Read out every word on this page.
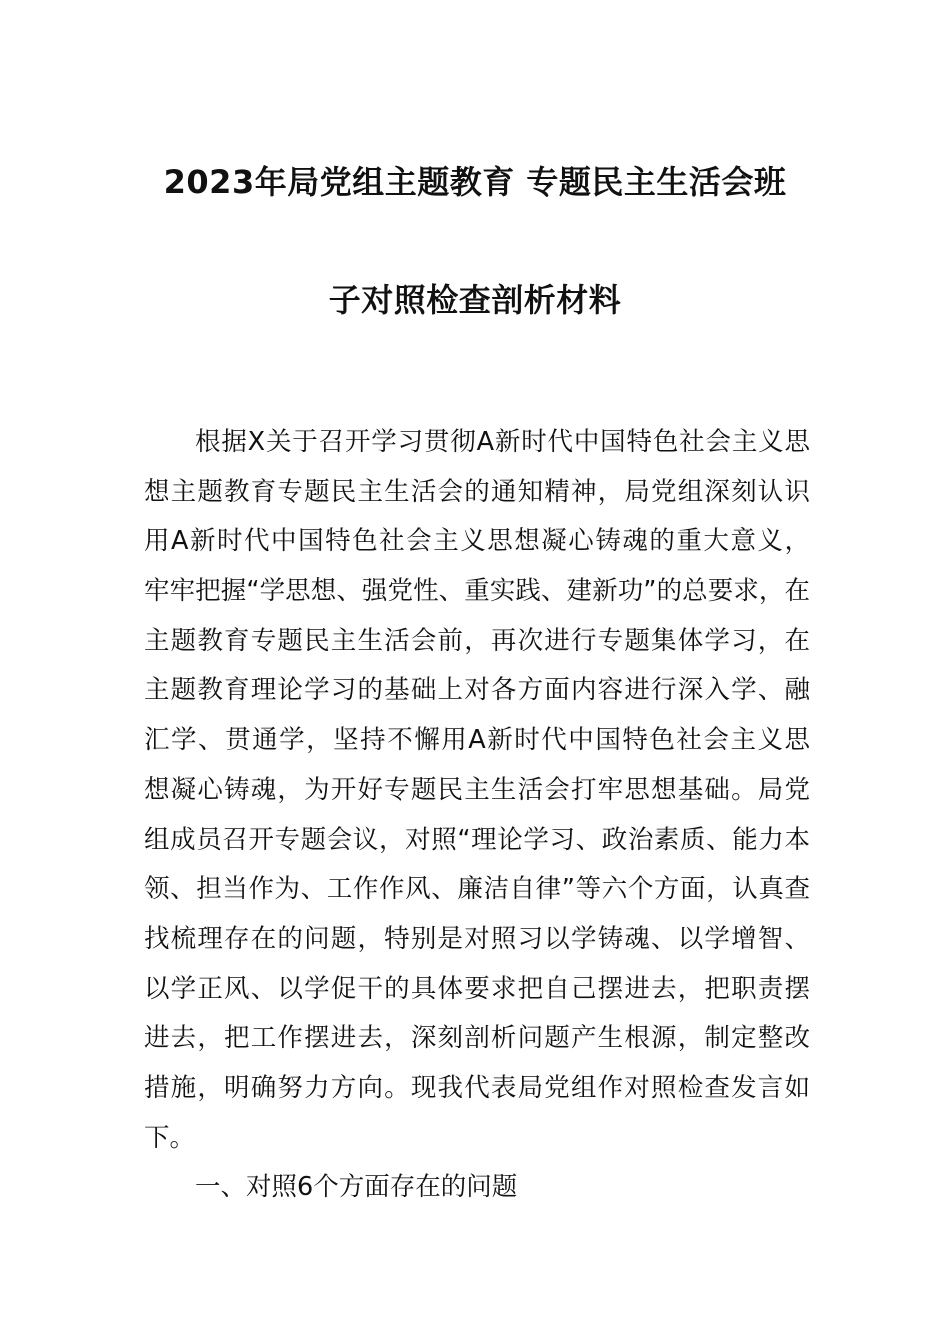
2023年局党组主题教育 专题民主生活会班
子对照检查剖析材料
根据X关于召开学习贯彻A新时代中国特色社会主义思
想主题教育专题民主生活会的通知精神，局党组深刻认识
用A新时代中国特色社会主义思想凝心铸魂的重大意义，
牢牢把握“学思想、强党性、重实践、建新功”的总要求，在
主题教育专题民主生活会前，再次进行专题集体学习，在
主题教育理论学习的基础上对各方面内容进行深入学、融
汇学、贯通学，坚持不懈用A新时代中国特色社会主义思
想凝心铸魂，为开好专题民主生活会打牢思想基础。局党
组成员召开专题会议，对照“理论学习、政治素质、能力本
领、担当作为、工作作风、廉洁自律”等六个方面，认真查
找梳理存在的问题，特别是对照习以学铸魂、以学增智、
以学正风、以学促干的具体要求把自己摆进去，把职责摆
进去，把工作摆进去，深刻剖析问题产生根源，制定整改
措施，明确努力方向。现我代表局党组作对照检查发言如
下。
一、对照6个方面存在的问题
